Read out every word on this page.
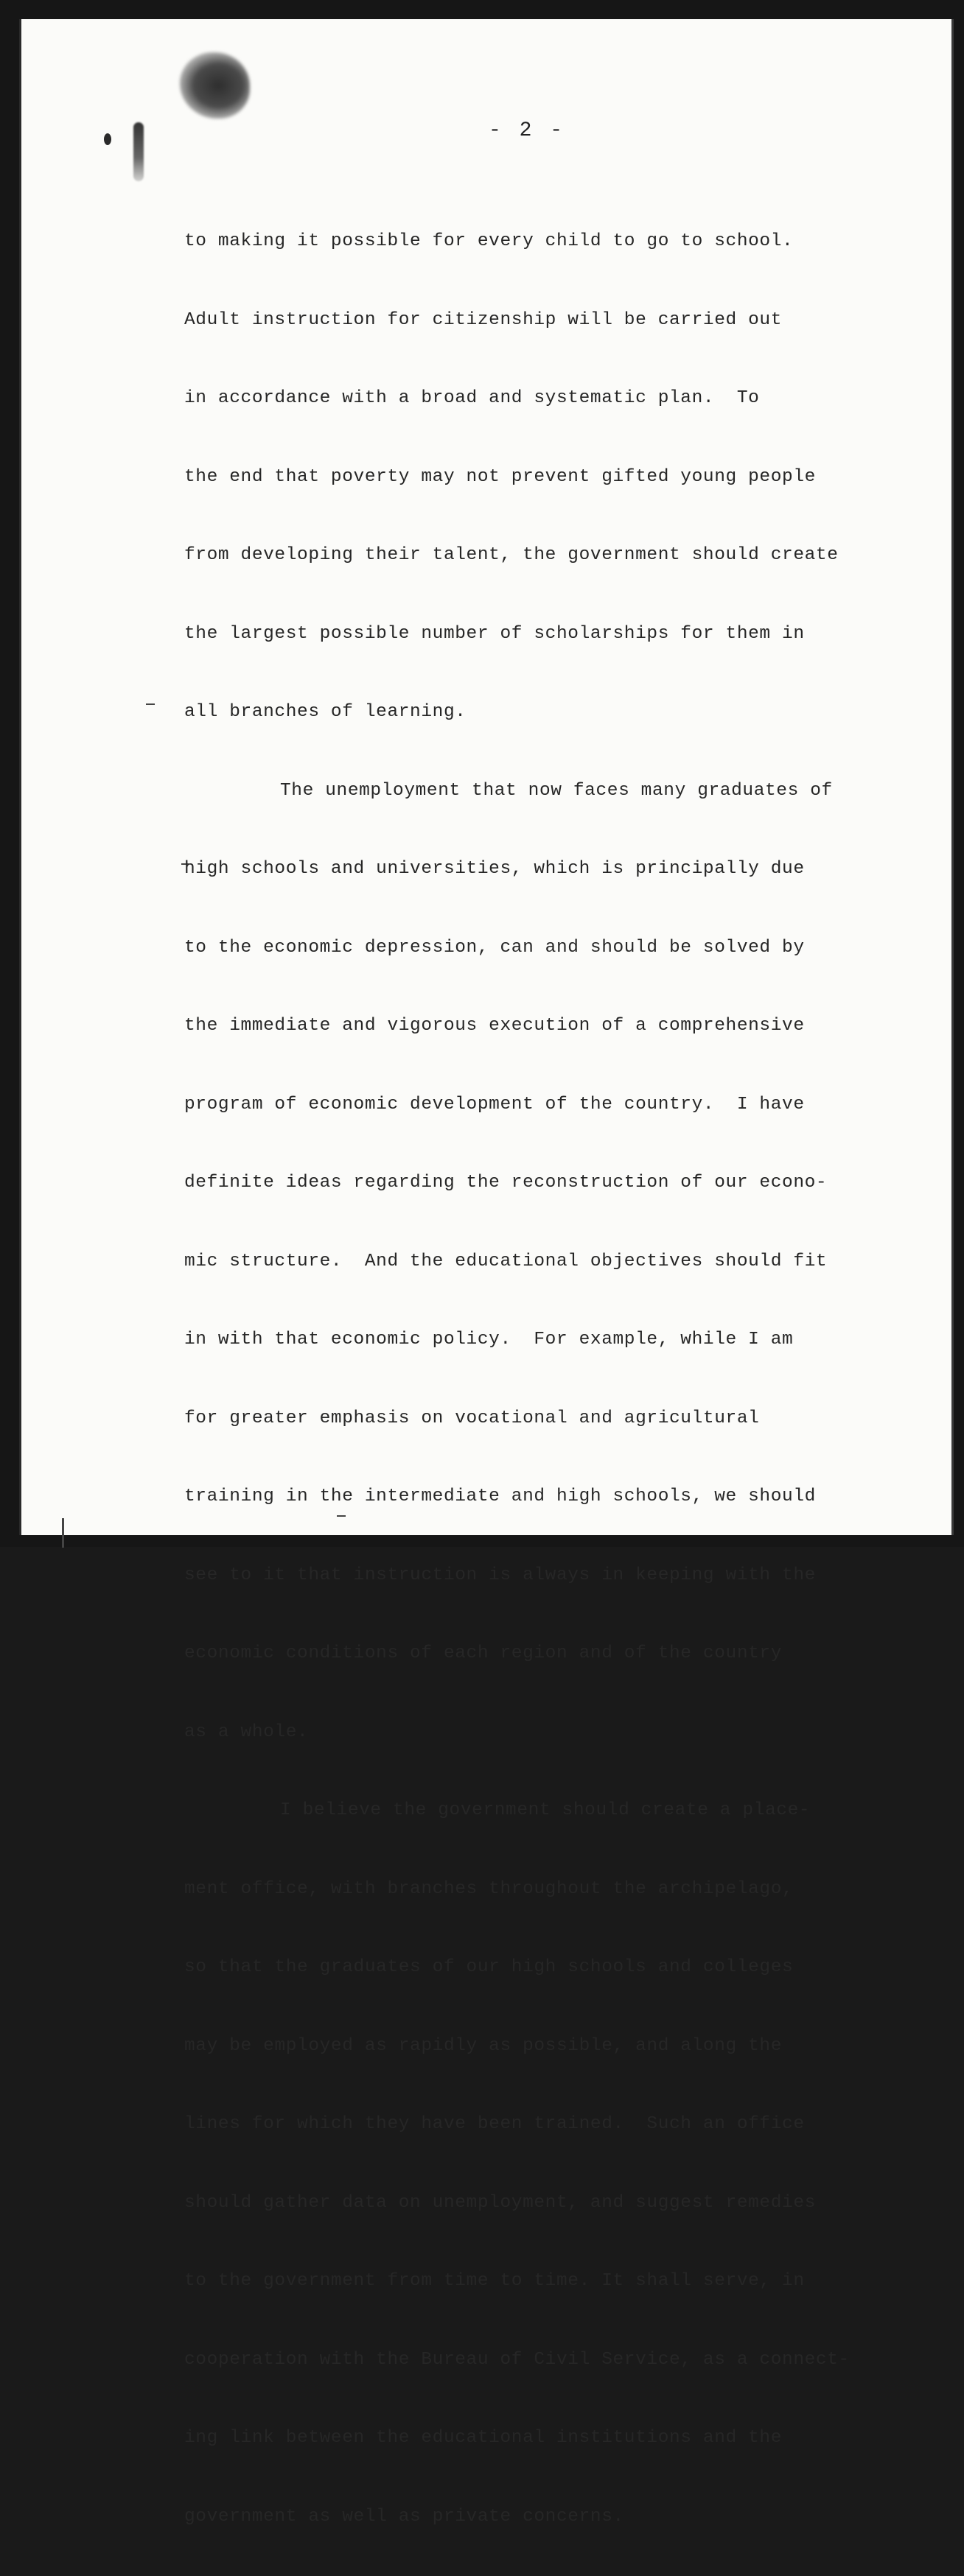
- 2 -

to making it possible for every child to go to school.

Adult instruction for citizenship will be carried out

in accordance with a broad and systematic plan.  To

the end that poverty may not prevent gifted young people

from developing their talent, the government should create

the largest possible number of scholarships for them in

all branches of learning.

The unemployment that now faces many graduates of

high schools and universities, which is principally due

to the economic depression, can and should be solved by

the immediate and vigorous execution of a comprehensive

program of economic development of the country.  I have

definite ideas regarding the reconstruction of our econo-

mic structure.  And the educational objectives should fit

in with that economic policy.  For example, while I am

for greater emphasis on vocational and agricultural

training in the intermediate and high schools, we should

see to it that instruction is always in keeping with the

economic conditions of each region and of the country

as a whole.

I believe the government should create a place-

ment office, with branches throughout the archipelago,

so that the graduates of our high schools and colleges

may be employed as rapidly as possible, and along the

lines for which they have been trained.  Such an office

should gather data on unemployment, and suggest remedies

to the government from time to time. It shall serve, in

cooperation with the Bureau of Civil Service, as a connect-

ing link between the educational institutions and the

government as well as private concerns.
